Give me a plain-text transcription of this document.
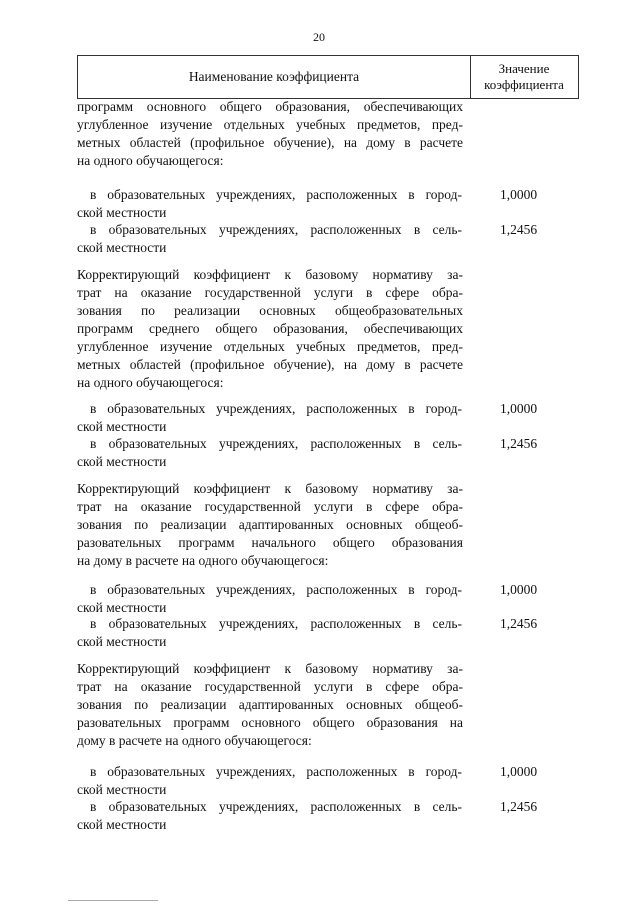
20
Наименование коэффициента
Значение
коэффициента
программ основного общего образования, обеспечивающих
углубленное изучение отдельных учебных предметов, пред-
метных областей (профильное обучение), на дому в расчете
на одного обучающегося:
в образовательных учреждениях, расположенных в город-
ской местности
1,0000
в образовательных учреждениях, расположенных в сель-
ской местности
1,2456
Корректирующий коэффициент к базовому нормативу за-
трат на оказание государственной услуги в сфере обра-
зования по реализации основных общеобразовательных
программ среднего общего образования, обеспечивающих
углубленное изучение отдельных учебных предметов, пред-
метных областей (профильное обучение), на дому в расчете
на одного обучающегося:
в образовательных учреждениях, расположенных в город-
ской местности
1,0000
в образовательных учреждениях, расположенных в сель-
ской местности
1,2456
Корректирующий коэффициент к базовому нормативу за-
трат на оказание государственной услуги в сфере обра-
зования по реализации адаптированных основных общеоб-
разовательных программ начального общего образования
на дому в расчете на одного обучающегося:
в образовательных учреждениях, расположенных в город-
ской местности
1,0000
в образовательных учреждениях, расположенных в сель-
ской местности
1,2456
Корректирующий коэффициент к базовому нормативу за-
трат на оказание государственной услуги в сфере обра-
зования по реализации адаптированных основных общеоб-
разовательных программ основного общего образования на
дому в расчете на одного обучающегося:
в образовательных учреждениях, расположенных в город-
ской местности
1,0000
в образовательных учреждениях, расположенных в сель-
ской местности
1,2456
